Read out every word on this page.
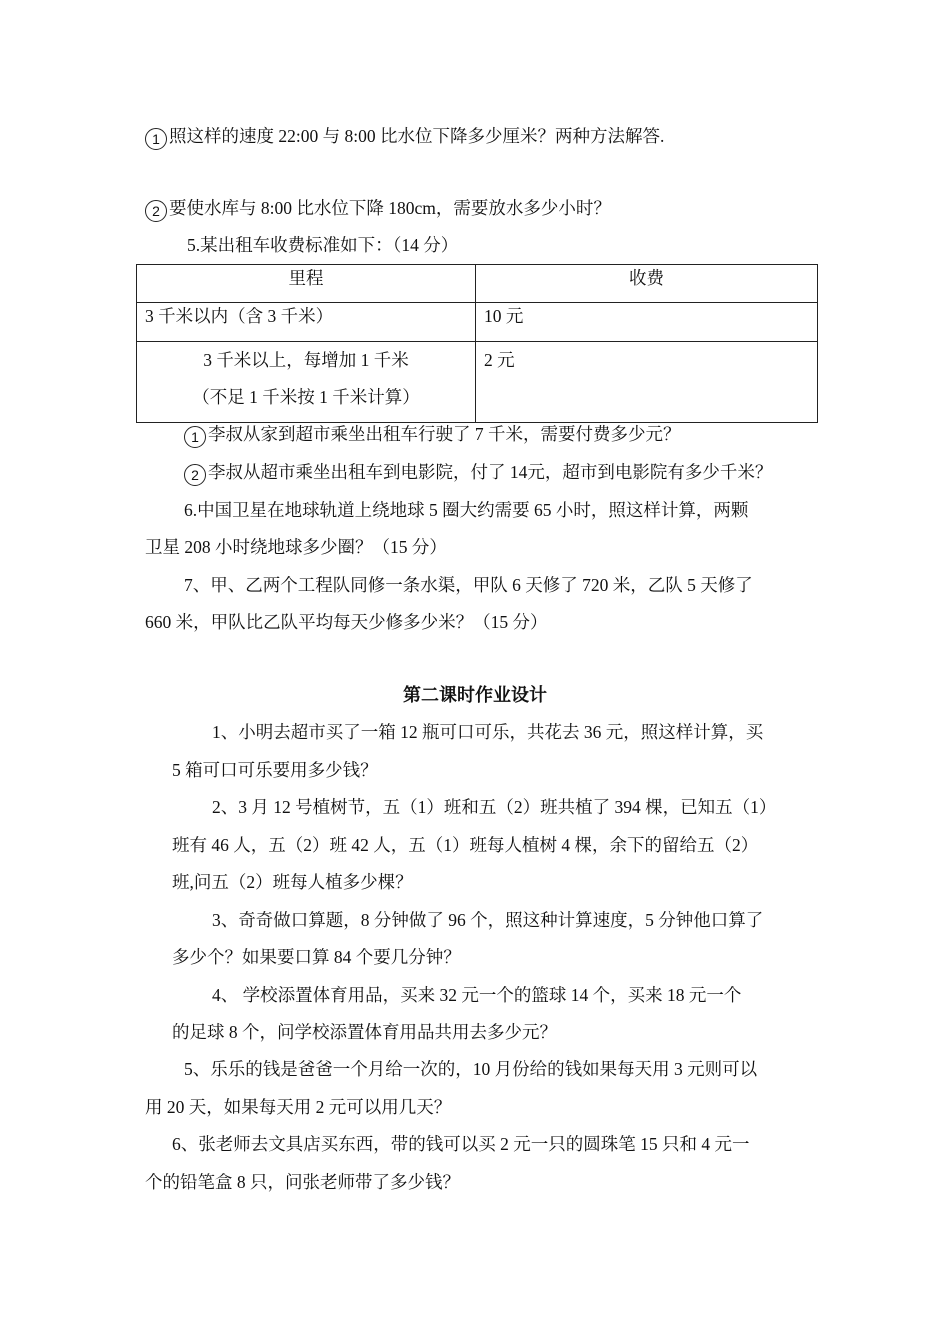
1 照这样的速度 22:00 与 8:00 比水位下降多少厘米？两种方法解答.
2 要使水库与 8:00 比水位下降 180cm，需要放水多少小时？
5.某出租车收费标准如下：（14 分）
里程	收费
3 千米以内（含 3 千米）	10 元

3 千米以上，每增加 1 千米
（不足 1 千米按 1 千米计算）	2 元
1 李叔从家到超市乘坐出租车行驶了 7 千米，需要付费多少元？
2 李叔从超市乘坐出租车到电影院，付了 14元，超市到电影院有多少千米？
6.中国卫星在地球轨道上绕地球 5 圈大约需要 65 小时，照这样计算，两颗
卫星 208 小时绕地球多少圈？（15 分）
7、甲、乙两个工程队同修一条水渠，甲队 6 天修了 720 米，乙队 5 天修了
660 米，甲队比乙队平均每天少修多少米？（15 分）
第二课时作业设计
1、小明去超市买了一箱 12 瓶可口可乐，共花去 36 元，照这样计算，买
5 箱可口可乐要用多少钱？
2、3 月 12 号植树节，五（1）班和五（2）班共植了 394 棵，已知五（1）
班有 46 人，五（2）班 42 人，五（1）班每人植树 4 棵，余下的留给五（2）
班,问五（2）班每人植多少棵？
3、奇奇做口算题，8 分钟做了 96 个，照这种计算速度，5 分钟他口算了
多少个？如果要口算 84 个要几分钟？
4、 学校添置体育用品，买来 32 元一个的篮球 14 个，买来 18 元一个
的足球 8 个，问学校添置体育用品共用去多少元？
5、乐乐的钱是爸爸一个月给一次的，10 月份给的钱如果每天用 3 元则可以
用 20 天，如果每天用 2 元可以用几天？
6、张老师去文具店买东西，带的钱可以买 2 元一只的圆珠笔 15 只和 4 元一
个的铅笔盒 8 只，问张老师带了多少钱？
